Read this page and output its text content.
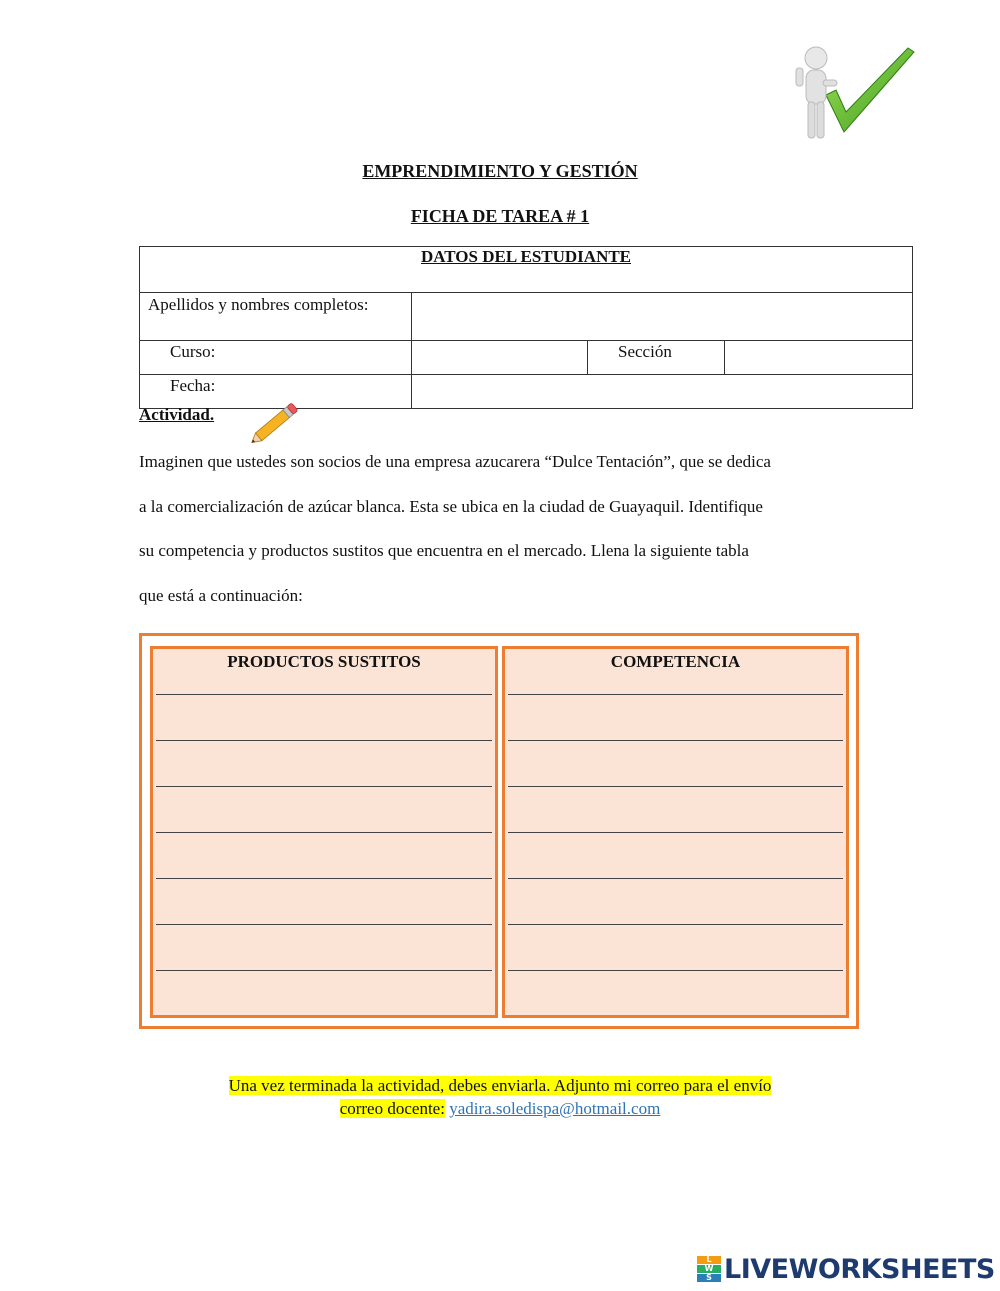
EMPRENDIMIENTO Y GESTIÓN
FICHA DE TAREA # 1
DATOS DEL ESTUDIANTE			
Apellidos y nombres completos:			
Curso:		Sección	
Fecha:			
Actividad.
Imaginen que ustedes son socios de una empresa azucarera “Dulce Tentación”, que se dedica
a la comercialización de azúcar blanca. Esta se ubica en la ciudad de Guayaquil. Identifique
su competencia y productos sustitos que encuentra en el mercado. Llena la siguiente tabla
que está a continuación:
PRODUCTOS SUSTITOS	COMPETENCIA
Una vez terminada la actividad, debes enviarla. Adjunto mi correo para el envío
correo docente: yadira.soledispa@hotmail.com
L
W
S LIVEWORKSHEETS
